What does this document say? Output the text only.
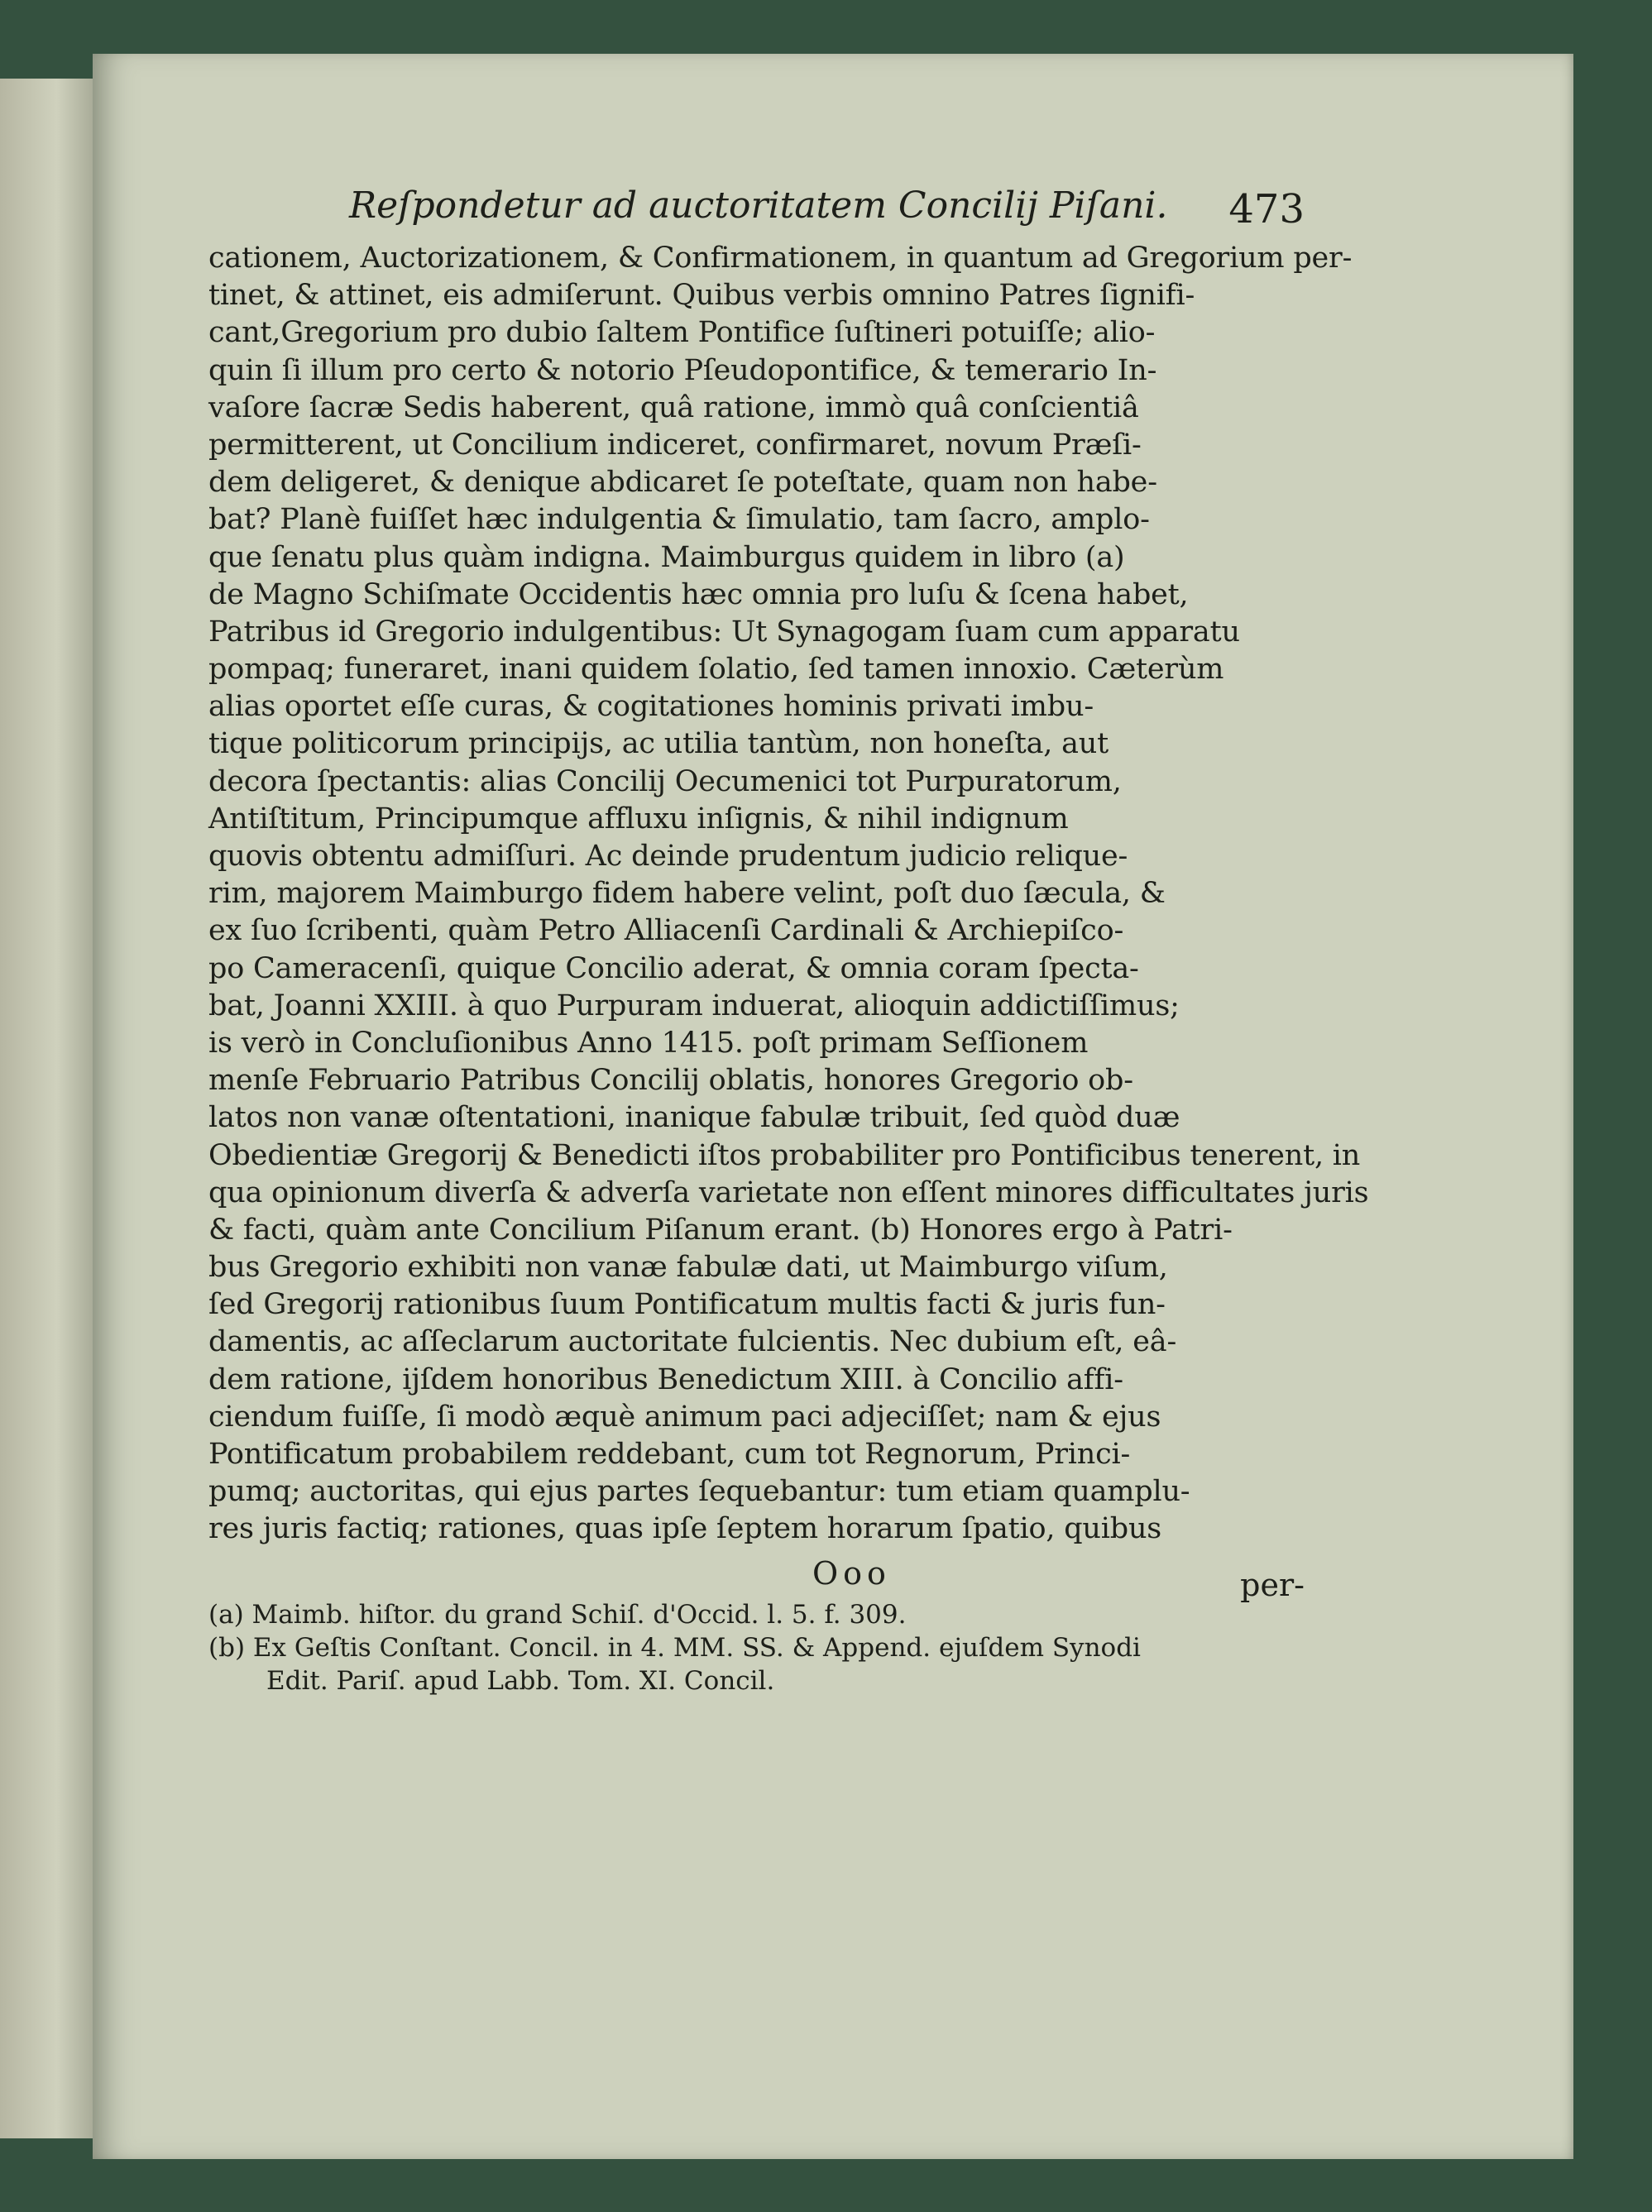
Reſpondetur ad auctoritatem Concilij Piſani. 473
cationem, Auctorizationem, & Confirmationem, in quantum ad Gregorium per-
tinet, & attinet, eis admiſerunt. Quibus verbis omnino Patres ſignifi-
cant,Gregorium pro dubio ſaltem Pontifice ſuſtineri potuiſſe; alio-
quin ſi illum pro certo & notorio Pſeudopontifice, & temerario In-
vaſore ſacræ Sedis haberent, quâ ratione, immò quâ conſcientiâ
permitterent, ut Concilium indiceret, confirmaret, novum Præſi-
dem deligeret, & denique abdicaret ſe poteſtate, quam non habe-
bat? Planè fuiſſet hæc indulgentia & ſimulatio, tam ſacro, amplo-
que ſenatu plus quàm indigna. Maimburgus quidem in libro (a)
de Magno Schiſmate Occidentis hæc omnia pro luſu & ſcena habet,
Patribus id Gregorio indulgentibus: Ut Synagogam ſuam cum apparatu
pompaq; funeraret, inani quidem ſolatio, ſed tamen innoxio. Cæterùm
alias oportet eſſe curas, & cogitationes hominis privati imbu-
tique politicorum principijs, ac utilia tantùm, non honeſta, aut
decora ſpectantis: alias Concilij Oecumenici tot Purpuratorum,
Antiſtitum, Principumque affluxu inſignis, & nihil indignum
quovis obtentu admiſſuri. Ac deinde prudentum judicio relique-
rim, majorem Maimburgo fidem habere velint, poſt duo ſæcula, &
ex ſuo ſcribenti, quàm Petro Alliacenſi Cardinali & Archiepiſco-
po Cameracenſi, quique Concilio aderat, & omnia coram ſpecta-
bat, Joanni XXIII. à quo Purpuram induerat, alioquin addictiſſimus;
is verò in Concluſionibus Anno 1415. poſt primam Seſſionem
menſe Februario Patribus Concilij oblatis, honores Gregorio ob-
latos non vanæ oſtentationi, inanique fabulæ tribuit, ſed quòd duæ
Obedientiæ Gregorij & Benedicti iſtos probabiliter pro Pontificibus tenerent, in
qua opinionum diverſa & adverſa varietate non eſſent minores difficultates juris
& facti, quàm ante Concilium Piſanum erant. (b) Honores ergo à Patri-
bus Gregorio exhibiti non vanæ fabulæ dati, ut Maimburgo viſum,
ſed Gregorij rationibus ſuum Pontificatum multis facti & juris fun-
damentis, ac aſſeclarum auctoritate fulcientis. Nec dubium eſt, eâ-
dem ratione, ijſdem honoribus Benedictum XIII. à Concilio affi-
ciendum fuiſſe, ſi modò æquè animum paci adjeciſſet; nam & ejus
Pontificatum probabilem reddebant, cum tot Regnorum, Princi-
pumq; auctoritas, qui ejus partes ſequebantur: tum etiam quamplu-
res juris factiq; rationes, quas ipſe ſeptem horarum ſpatio, quibus
Ooo	per-
(a) Maimb. hiſtor. du grand Schiſ. d'Occid. l. 5. f. 309.
(b) Ex Geſtis Conſtant. Concil. in 4. MM. SS. & Append. ejuſdem Synodi
Edit. Pariſ. apud Labb. Tom. XI. Concil.
